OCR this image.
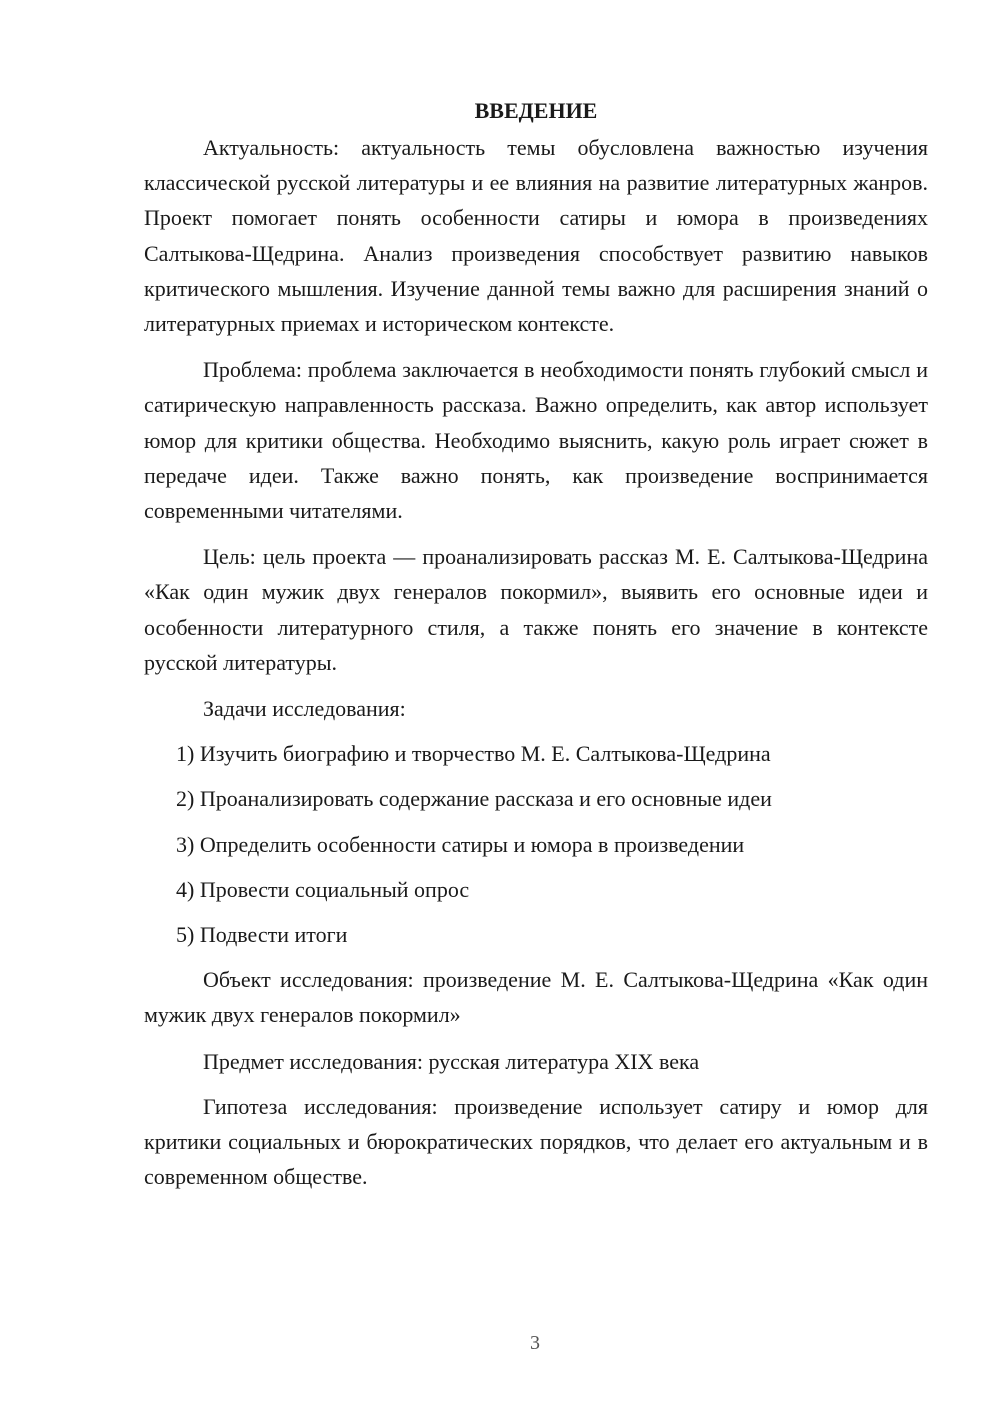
ВВЕДЕНИЕ

Актуальность: актуальность темы обусловлена важностью изучения классической русской литературы и ее влияния на развитие литературных жанров. Проект помогает понять особенности сатиры и юмора в произведениях Салтыкова-Щедрина. Анализ произведения способствует развитию навыков критического мышления. Изучение данной темы важно для расширения знаний о литературных приемах и историческом контексте.

Проблема: проблема заключается в необходимости понять глубокий смысл и сатирическую направленность рассказа. Важно определить, как автор использует юмор для критики общества. Необходимо выяснить, какую роль играет сюжет в передаче идеи. Также важно понять, как произведение воспринимается современными читателями.

Цель: цель проекта — проанализировать рассказ М. Е. Салтыкова-Щедрина «Как один мужик двух генералов покормил», выявить его основные идеи и особенности литературного стиля, а также понять его значение в контексте русской литературы.

Задачи исследования:

1) Изучить биографию и творчество М. Е. Салтыкова-Щедрина

2) Проанализировать содержание рассказа и его основные идеи

3) Определить особенности сатиры и юмора в произведении

4) Провести социальный опрос

5) Подвести итоги

Объект исследования: произведение М. Е. Салтыкова-Щедрина «Как один мужик двух генералов покормил»

Предмет исследования: русская литература XIX века

Гипотеза исследования: произведение использует сатиру и юмор для критики социальных и бюрократических порядков, что делает его актуальным и в современном обществе.

3
